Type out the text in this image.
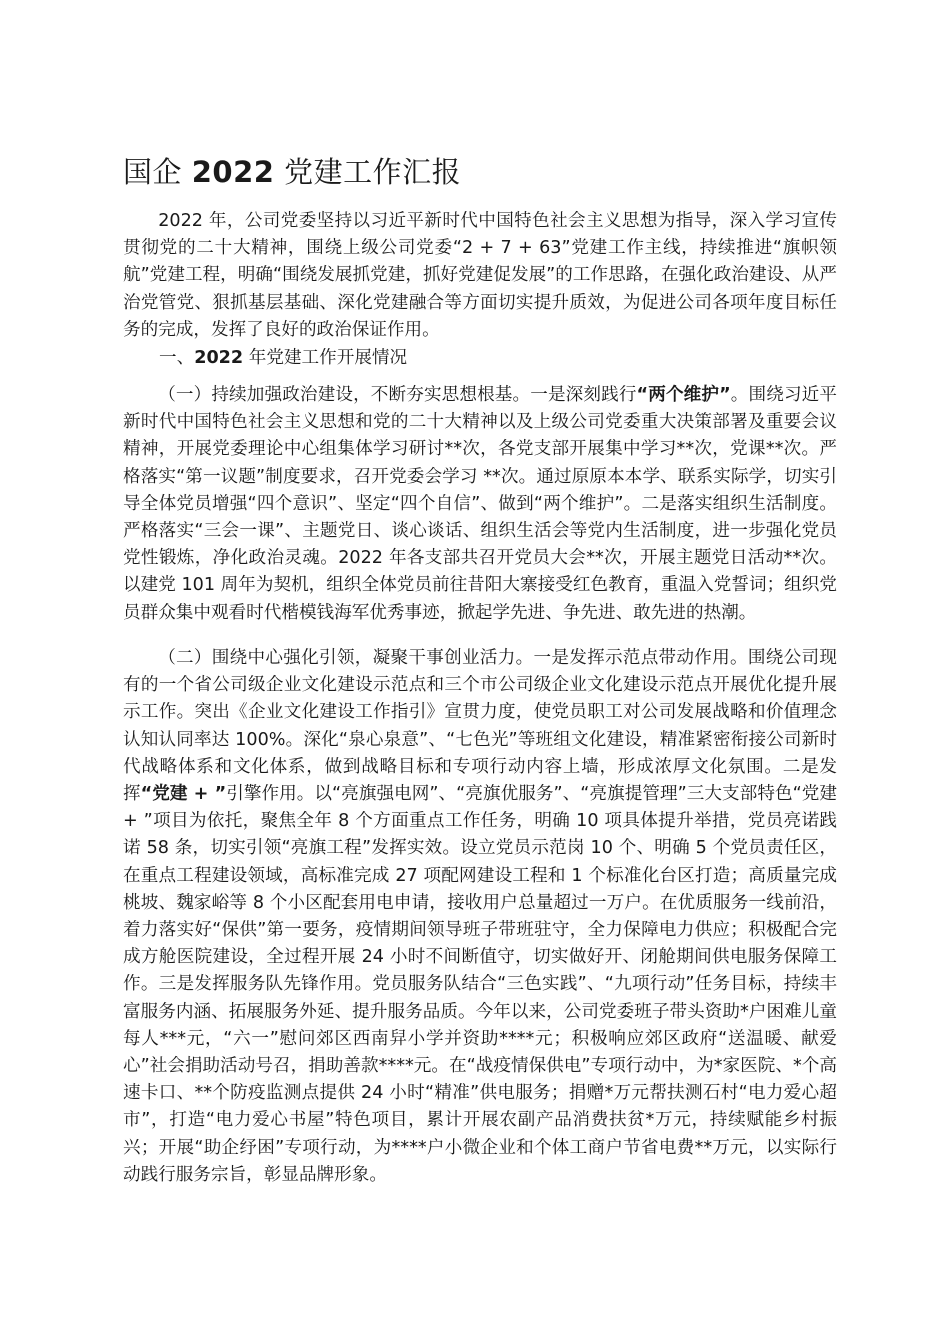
国企 2022 党建工作汇报

2022 年，公司党委坚持以习近平新时代中国特色社会主义思想为指导，深入学习宣传贯彻党的二十大精神，围绕上级公司党委“2 + 7 + 63”党建工作主线，持续推进“旗帜领航”党建工程，明确“围绕发展抓党建，抓好党建促发展”的工作思路，在强化政治建设、从严治党管党、狠抓基层基础、深化党建融合等方面切实提升质效，为促进公司各项年度目标任务的完成，发挥了良好的政治保证作用。

一、2022 年党建工作开展情况

（一）持续加强政治建设，不断夯实思想根基。一是深刻践行“两个维护”。围绕习近平新时代中国特色社会主义思想和党的二十大精神以及上级公司党委重大决策部署及重要会议精神，开展党委理论中心组集体学习研讨**次，各党支部开展集中学习**次，党课**次。严格落实“第一议题”制度要求，召开党委会学习 **次。通过原原本本学、联系实际学，切实引导全体党员增强“四个意识”、坚定“四个自信”、做到“两个维护”。二是落实组织生活制度。严格落实“三会一课”、主题党日、谈心谈话、组织生活会等党内生活制度，进一步强化党员党性锻炼，净化政治灵魂。2022 年各支部共召开党员大会**次，开展主题党日活动**次。以建党 101 周年为契机，组织全体党员前往昔阳大寨接受红色教育，重温入党誓词；组织党员群众集中观看时代楷模钱海军优秀事迹，掀起学先进、争先进、敢先进的热潮。

（二）围绕中心强化引领，凝聚干事创业活力。一是发挥示范点带动作用。围绕公司现有的一个省公司级企业文化建设示范点和三个市公司级企业文化建设示范点开展优化提升展示工作。突出《企业文化建设工作指引》宣贯力度，使党员职工对公司发展战略和价值理念认知认同率达 100%。深化“泉心泉意”、“七色光”等班组文化建设，精准紧密衔接公司新时代战略体系和文化体系，做到战略目标和专项行动内容上墙，形成浓厚文化氛围。二是发挥“党建 + ”引擎作用。以“亮旗强电网”、“亮旗优服务”、“亮旗提管理”三大支部特色“党建 + ”项目为依托，聚焦全年 8 个方面重点工作任务，明确 10 项具体提升举措，党员亮诺践诺 58 条，切实引领“亮旗工程”发挥实效。设立党员示范岗 10 个、明确 5 个党员责任区，在重点工程建设领域，高标准完成 27 项配网建设工程和 1 个标准化台区打造；高质量完成桃坡、魏家峪等 8 个小区配套用电申请，接收用户总量超过一万户。在优质服务一线前沿，着力落实好“保供”第一要务，疫情期间领导班子带班驻守，全力保障电力供应；积极配合完成方舱医院建设，全过程开展 24 小时不间断值守，切实做好开、闭舱期间供电服务保障工作。三是发挥服务队先锋作用。党员服务队结合“三色实践”、“九项行动”任务目标，持续丰富服务内涵、拓展服务外延、提升服务品质。今年以来，公司党委班子带头资助*户困难儿童每人***元，“六一”慰问郊区西南舁小学并资助****元；积极响应郊区政府“送温暖、献爱心”社会捐助活动号召，捐助善款****元。在“战疫情保供电”专项行动中，为*家医院、*个高速卡口、**个防疫监测点提供 24 小时“精准”供电服务；捐赠*万元帮扶测石村“电力爱心超市”，打造“电力爱心书屋”特色项目，累计开展农副产品消费扶贫*万元，持续赋能乡村振兴；开展“助企纾困”专项行动，为****户小微企业和个体工商户节省电费**万元，以实际行动践行服务宗旨，彰显品牌形象。
